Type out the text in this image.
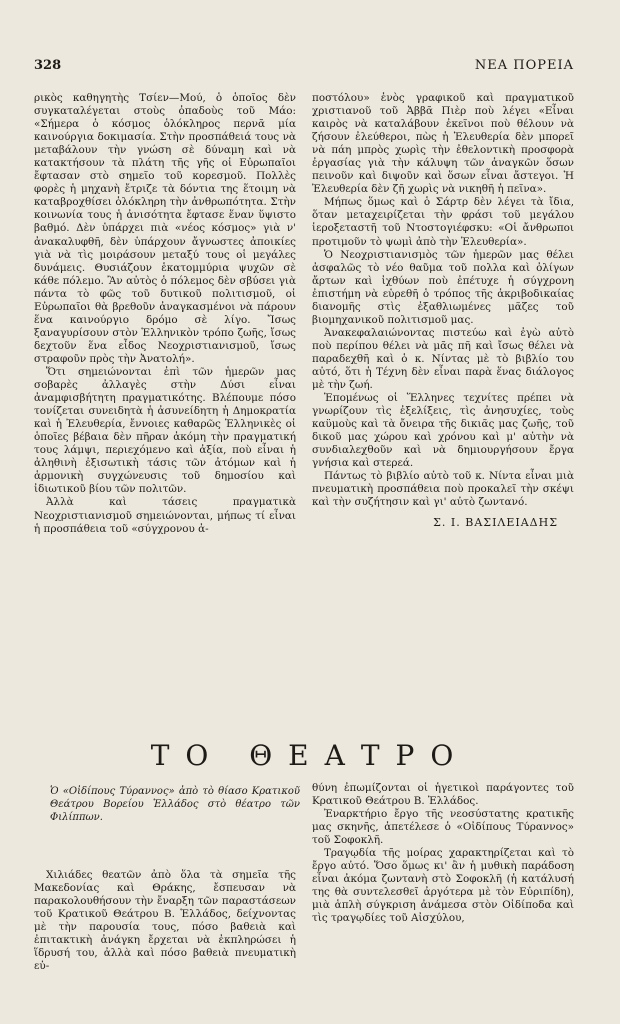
328	ΝΕΑ ΠΟΡΕΙΑ

ρικὸς καθηγητὴς Τσίεν—Μού, ὁ ὁποῖος δὲν συγκαταλέγεται στοὺς ὀπαδοὺς τοῦ Μάο: «Σήμερα ὁ κόσμος ὁλόκληρος περνᾶ μία καινούργια δοκιμασία. Στὴν προσπάθειά τους νὰ μεταβάλουν τὴν γνώση σὲ δύναμη καὶ νὰ κατακτήσουν τὰ πλάτη τῆς γῆς οἱ Εὐρωπαῖοι ἔφτασαν στὸ σημεῖο τοῦ κορεσμοῦ. Πολλὲς φορὲς ἡ μηχανὴ ἔτριζε τὰ δόντια της ἕτοιμη νὰ καταβροχθίσει ὁλόκληρη τὴν ἀνθρωπότητα. Στὴν κοινωνία τους ἡ ἀνισότητα ἔφτασε ἕναν ὕψιστο βαθμό. Δὲν ὑπάρχει πιὰ «νέος κόσμος» γιὰ ν' ἀνακαλυφθῆ, δὲν ὑπάρχουν ἄγνωστες ἀποικίες γιὰ νὰ τὶς μοιράσουν μεταξύ τους οἱ μεγάλες δυνάμεις. Θυσιάζουν ἑκατομμύρια ψυχῶν σὲ κάθε πόλεμο. Ἂν αὐτὸς ὁ πόλεμος δὲν σβύσει γιὰ πάντα τὸ φῶς τοῦ δυτικοῦ πολιτισμοῦ, οἱ Εὐρωπαῖοι θὰ βρεθοῦν ἀναγκασμένοι νὰ πάρουν ἕνα καινούργιο δρόμο σὲ λίγο. Ἴσως ξαναγυρίσουν στὸν Ἑλληνικὸν τρόπο ζωῆς, ἴσως δεχτοῦν ἕνα εἶδος Νεοχριστιανισμοῦ, ἴσως στραφοῦν πρὸς τὴν Ἀνατολή».

Ὅτι σημειώνονται ἐπὶ τῶν ἡμερῶν μας σοβαρὲς ἀλλαγὲς στὴν Δύσι εἶναι ἀναμφισβήτητη πραγματικότης. Βλέπουμε πόσο τονίζεται συνειδητὰ ἡ ἀσυνείδητη ἡ Δημοκρατία καὶ ἡ Ἐλευθερία, ἔννοιες καθαρῶς Ἑλληνικὲς οἱ ὁποῖες βέβαια δὲν πῆραν ἀκόμη τὴν πραγματική τους λάμψι, περιεχόμενο καὶ ἀξία, ποὺ εἶναι ἡ ἀληθινὴ ἐξισωτικὴ τάσις τῶν ἀτόμων καὶ ἡ ἁρμονικὴ συγχώνευσις τοῦ δημοσίου καὶ ἰδιωτικοῦ βίου τῶν πολιτῶν.

Ἀλλὰ καὶ τάσεις πραγματικὰ Νεοχριστιανισμοῦ σημειώνονται, μήπως τί εἶναι ἡ προσπάθεια τοῦ «σύγχρονου ἀ-

ποστόλου» ἑνὸς γραφικοῦ καὶ πραγματικοῦ χριστιανοῦ τοῦ Ἀββᾶ Πιὲρ ποὺ λέγει «Εἶναι καιρὸς νὰ καταλάβουν ἐκεῖνοι ποὺ θέλουν νὰ ζήσουν ἐλεύθεροι, πὼς ἡ Ἐλευθερία δὲν μπορεῖ νὰ πάη μπρὸς χωρὶς τὴν ἐθελοντικὴ προσφορὰ ἐργασίας γιὰ τὴν κάλυψη τῶν ἀναγκῶν ὅσων πεινοῦν καὶ διψοῦν καὶ ὅσων εἶναι ἄστεγοι. Ἡ Ἐλευθερία δὲν ζῆ χωρὶς νὰ νικηθῆ ἡ πεῖνα».

Μήπως ὅμως καὶ ὁ Σάρτρ δὲν λέγει τὰ ἴδια, ὅταν μεταχειρίζεται τὴν φράσι τοῦ μεγάλου ἱεροξεταστῆ τοῦ Ντοστογιέφσκυ: «Οἱ ἄνθρωποι προτιμοῦν τὸ ψωμὶ ἀπὸ τὴν Ἐλευθερία».

Ὁ Νεοχριστιανισμὸς τῶν ἡμερῶν μας θέλει ἀσφαλῶς τὸ νέο θαῦμα τοῦ πολλα καὶ ὀλίγων ἄρτων καὶ ἰχθύων ποὺ ἐπέτυχε ἡ σύγχρονη ἐπιστήμη νὰ εὑρεθῆ ὁ τρόπος τῆς ἀκριβοδικαίας διανομῆς στὶς ἐξαθλιωμένες μᾶζες τοῦ βιομηχανικοῦ πολιτισμοῦ μας.

Ἀνακεφαλαιώνοντας πιστεύω καὶ ἐγὼ αὐτὸ ποὺ περίπου θέλει νὰ μᾶς πῆ καὶ ἴσως θέλει νὰ παραδεχθῆ καὶ ὁ κ. Νίντας μὲ τὸ βιβλίο του αὐτό, ὅτι ἡ Τέχνη δὲν εἶναι παρὰ ἕνας διάλογος μὲ τὴν ζωή.

Ἑπομένως οἱ Ἕλληνες τεχνίτες πρέπει νὰ γνωρίζουν τὶς ἐξελίξεις, τὶς ἀνησυχίες, τοὺς καϋμοὺς καὶ τὰ ὄνειρα τῆς δικιᾶς μας ζωῆς, τοῦ δικοῦ μας χώρου καὶ χρόνου καὶ μ' αὐτὴν νὰ συνδιαλεχθοῦν καὶ νὰ δημιουργήσουν ἔργα γνήσια καὶ στερεά.

Πάντως τὸ βιβλίο αὐτὸ τοῦ κ. Νίντα εἶναι μιὰ πνευματικὴ προσπάθεια ποὺ προκαλεῖ τὴν σκέψι καὶ τὴν συζήτησιν καὶ γι' αὐτὸ ζωντανό.

Σ. Ι. ΒΑΣΙΛΕΙΑΔΗΣ
ΤΟ ΘΕΑΤΡΟ
Ὁ «Οἰδίπους Τύραννος» ἀπὸ τὸ θίασο Κρατικοῦ Θεάτρου Βορείου Ἑλλάδος στὸ θέατρο τῶν Φιλίππων.

Χιλιάδες θεατῶν ἀπὸ ὅλα τὰ σημεῖα τῆς Μακεδονίας καὶ Θράκης, ἔσπευσαν νὰ παρακολουθήσουν τὴν ἔναρξη τῶν παραστάσεων τοῦ Κρατικοῦ Θεάτρου Β. Ἑλλάδος, δείχνοντας μὲ τὴν παρουσία τους, πόσο βαθειὰ καὶ ἐπιτακτικὴ ἀνάγκη ἔρχεται νὰ ἐκπληρώσει ἡ ἵδρυσή του, ἀλλὰ καὶ πόσο βαθειὰ πνευματικὴ εὐ-

θύνη ἐπωμίζονται οἱ ἡγετικοὶ παράγοντες τοῦ Κρατικοῦ Θεάτρου Β. Ἑλλάδος.

Ἐναρκτήριο ἔργο τῆς νεοσύστατης κρατικῆς μας σκηνῆς, ἀπετέλεσε ὁ «Οἰδίπους Τύραννος» τοῦ Σοφοκλῆ.

Τραγῳδία τῆς μοίρας χαρακτηρίζεται καὶ τὸ ἔργο αὐτό. Ὅσο ὅμως κι' ἂν ἡ μυθικὴ παράδοση εἶναι ἀκόμα ζωντανὴ στὸ Σοφοκλῆ (ἡ κατάλυσή της θὰ συντελεσθεῖ ἀργότερα μὲ τὸν Εὐριπίδη), μιὰ ἁπλὴ σύγκριση ἀνάμεσα στὸν Οἰδίποδα καὶ τὶς τραγῳδίες τοῦ Αἰσχύλου,
